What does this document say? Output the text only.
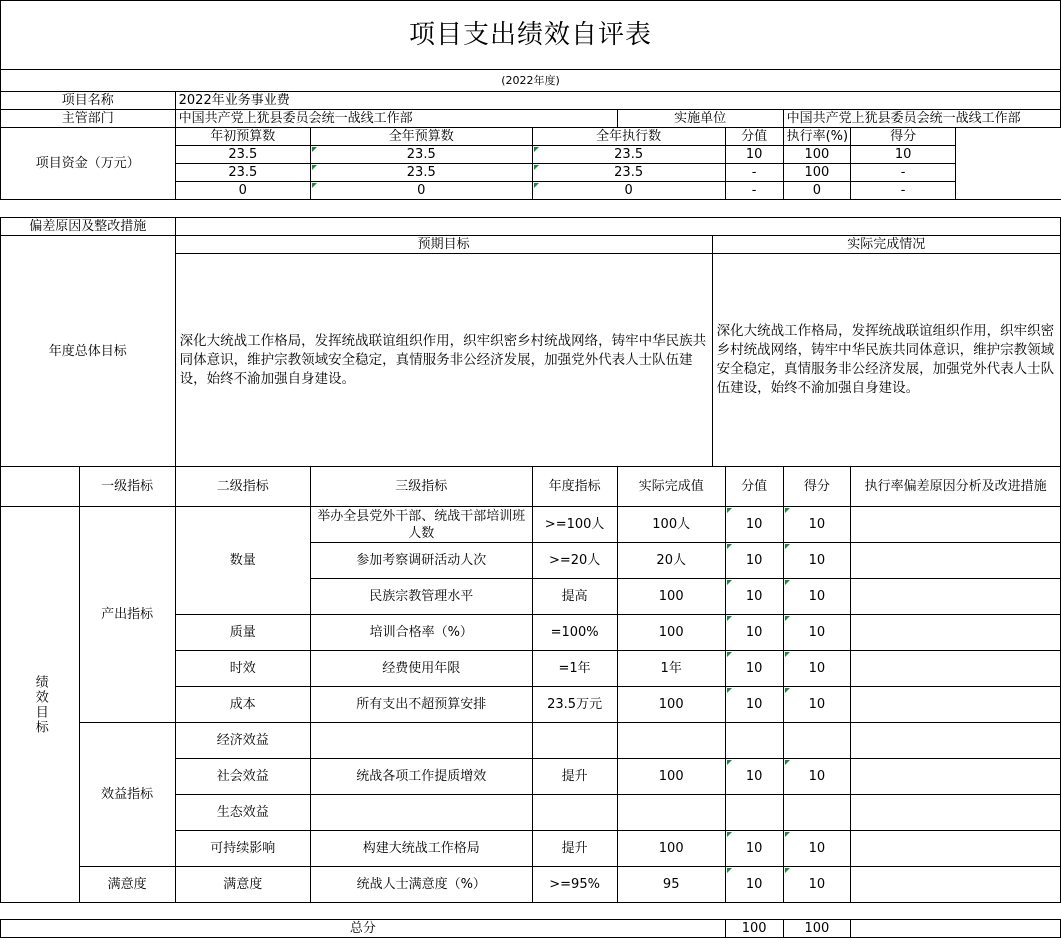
项目支出绩效自评表									
(2022年度)									
项目名称		2022年业务事业费							
主管部门		中国共产党上犹县委员会统一战线工作部			实施单位			中国共产党上犹县委员会统一战线工作部	
项目资金（万元）		年初预算数	全年预算数	全年执行数			分值	执行率(%)	得分
		23.5	23.5	23.5			10	100	10
		23.5	23.5	23.5			-	100	-
		0	0	0			-	0	-

偏差原因及整改措施									
年度总体目标		预期目标				实际完成情况			
		深化大统战工作格局，发挥统战联谊组织作用，织牢织密乡村统战网络，铸牢中华民族共同体意识，维护宗教领域安全稳定，真情服务非公经济发展，加强党外代表人士队伍建设，始终不渝加强自身建设。				深化大统战工作格局，发挥统战联谊组织作用，织牢织密乡村统战网络，铸牢中华民族共同体意识，维护宗教领域安全稳定，真情服务非公经济发展，加强党外代表人士队伍建设，始终不渝加强自身建设。			
	一级指标	二级指标	三级指标	年度指标	实际完成值		分值	得分	执行率偏差原因分析及改进措施
绩效目标	产出指标	数量	举办全县党外干部、统战干部培训班人数	>=100人	100人		10	10	
			参加考察调研活动人次	>=20人	20人		10	10	
			民族宗教管理水平	提高	100		10	10	
		质量	培训合格率（%）	=100%	100		10	10	
		时效	经费使用年限	=1年	1年		10	10	
		成本	所有支出不超预算安排	23.5万元	100		10	10	
	效益指标	经济效益							
		社会效益	统战各项工作提质增效	提升	100		10	10	
		生态效益							
		可持续影响	构建大统战工作格局	提升	100		10	10	
	满意度	满意度	统战人士满意度（%）	>=95%	95		10	10	

总分							100	100	
